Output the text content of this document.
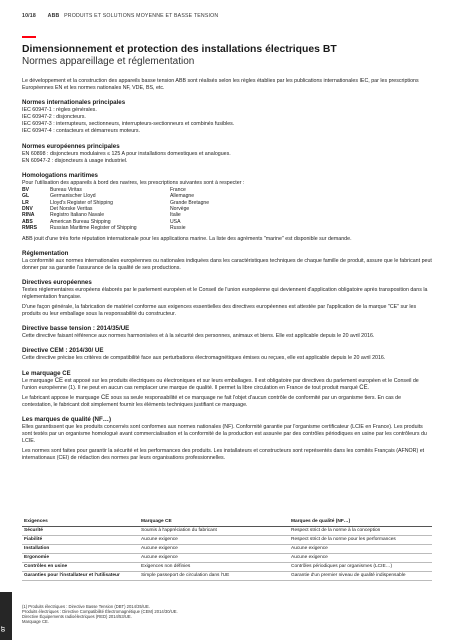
10/18 ABB PRODUITS ET SOLUTIONS MOYENNE ET BASSE TENSION
Dimensionnement et protection des installations électriques BT
Normes appareillage et réglementation

Le développement et la construction des appareils basse tension ABB sont réalisés selon les règles établies par les publications internationales IEC, par les prescriptions Européennes EN et les normes nationales NF, VDE, BS, etc.

Normes internationales principales

IEC 60947-1 : règles générales.

IEC 60947-2 : disjoncteurs.

IEC 60947-3 : interrupteurs, sectionneurs, interrupteurs-sectionneurs et combinés fusibles.

IEC 60947-4 : contacteurs et démarreurs moteurs.

Normes européennes principales

EN 60898 : disjoncteurs modulaires ≤ 125 A pour installations domestiques et analogues.

EN 60947-2 : disjoncteurs à usage industriel.

Homologations maritimes

Pour l'utilisation des appareils à bord des navires, les prescriptions suivantes sont à respecter :

BV	Bureau Viritas	France
GL	Germanischer Lloyd	Allemagne
LR	Lloyd's Register of Shipping	Grande Bretagne
DNV	Det Norske Veritas	Norvège
RINA	Registro Italiano Navale	Italie
ABS	American Bureau Shipping	USA
RMRS	Russian Maritime Register of Shipping	Russie

ABB jouit d'une très forte réputation internationale pour les applications marine. La liste des agréments "marine" est disponible sur demande.

Réglementation

La conformité aux normes internationales européennes ou nationales indiquées dans les caractéristiques techniques de chaque famille de produit, assure que le fabricant peut donner par sa garantie l'assurance de la qualité de ses productions.

Directives européennes

Textes réglementaires européens élaborés par le parlement européen et le Conseil de l'union européenne qui deviennent d'application obligatoire après transposition dans la réglementation française.

D'une façon générale, la fabrication de matériel conforme aux exigences essentielles des directives européennes est attestée par l'application de la marque "CE" sur les produits ou leur emballage sous la responsabilité du constructeur.

Directive basse tension : 2014/35/UE

Cette directive faisant référence aux normes harmonisées et à la sécurité des personnes, animaux et biens. Elle est applicable depuis le 20 avril 2016.

Directive CEM : 2014/30/ UE

Cette directive précise les critères de compatibilité face aux perturbations électromagnétiques émises ou reçues, elle est applicable depuis le 20 avril 2016.

Le marquage CE

Le marquage CE est apposé sur les produits électriques ou électroniques et sur leurs emballages. Il est obligatoire par directives du parlement européen et le Conseil de l'union européenne (1). Il ne peut en aucun cas remplacer une marque de qualité. Il permet la libre circulation en France de tout produit marqué CE.

Le fabricant appose le marquage CE sous sa seule responsabilité et ce marquage ne fait l'objet d'aucun contrôle de conformité par un organisme tiers. En cas de contestation, le fabricant doit simplement fournir les éléments techniques justifiant ce marquage.

Les marques de qualité (NF…)

Elles garantissent que les produits concernés sont conformes aux normes nationales (NF). Conformité garantie par l'organisme certificateur (LCIE en France). Les produits sont testés par un organisme homologué avant commercialisation et la conformité de la production est assurée par des contrôles périodiques en usine par les contrôleurs du LCIE.

Les normes sont faites pour garantir la sécurité et les performances des produits. Les installateurs et constructeurs sont représentés dans les comités Français (AFNOR) et internationaux (CEI) de rédaction des normes par leurs organisations professionnelles.

Exigences	Marquage CE	Marques de qualité (NF…)
Sécurité	Soumis à l'appréciation du fabricant	Respect strict de la norme à la conception
Fiabilité	Aucune exigence	Respect strict de la norme pour les performances
Installation	Aucune exigence	Aucune exigence
Ergonomie	Aucune exigence	Aucune exigence
Contrôles en usine	Exigences non définies	Contrôles périodiques par organismes (LCIE…)
Garanties pour l'installateur et l'utilisateur	Simple passeport de circulation dans l'UE	Garantie d'un premier niveau de qualité indispensable
(1) Produits électriques : Directive Basse Tension (DBT) 2014/35/UE.
Produits électriques : Directive Compatibilité Électromagnétique (CEM) 2014/30/UE.
Directive Équipements radioélectriques (RED) 2014/53/UE.
Marquage CE.
07
